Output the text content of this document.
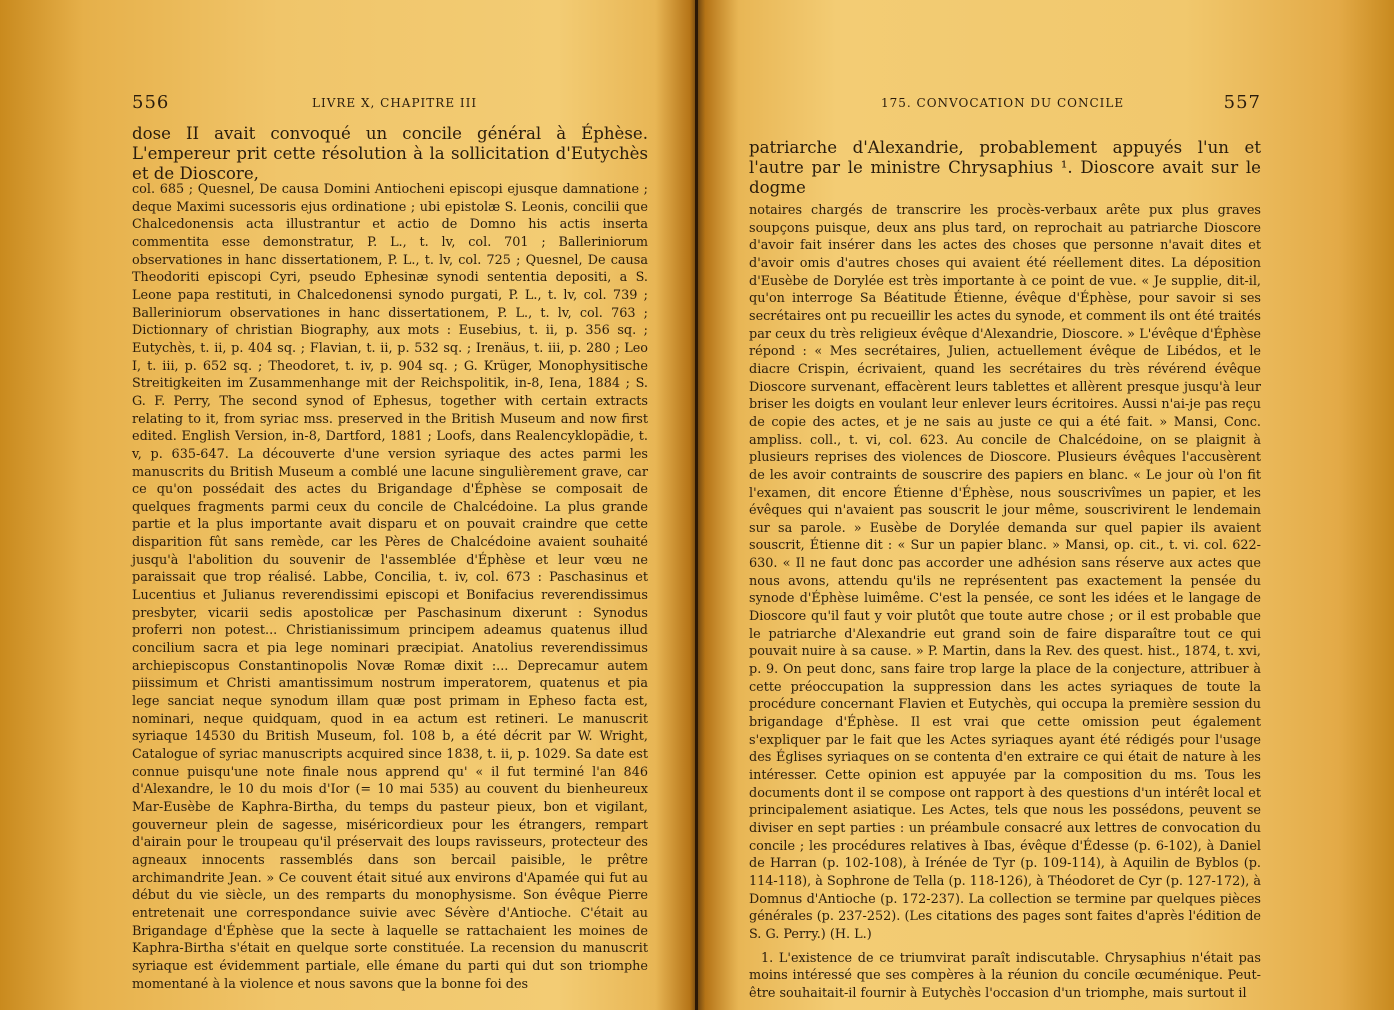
556	LIVRE X, CHAPITRE III
dose II avait convoqué un concile général à Éphèse. L'empereur prit cette résolution à la sollicitation d'Eutychès et de Dioscore,

col. 685 ; Quesnel, De causa Domini Antiocheni episcopi ejusque damnatione ; deque Maximi sucessoris ejus ordinatione ; ubi epistolæ S. Leonis, concilii que Chalcedonensis acta illustrantur et actio de Domno his actis inserta commentita esse demonstratur, P. L., t. lv, col. 701 ; Balleriniorum observationes in hanc dissertationem, P. L., t. lv, col. 725 ; Quesnel, De causa Theodoriti episcopi Cyri, pseudo Ephesinæ synodi sententia depositi, a S. Leone papa restituti, in Chalcedonensi synodo purgati, P. L., t. lv, col. 739 ; Balleriniorum observationes in hanc dissertationem, P. L., t. lv, col. 763 ; Dictionnary of christian Biography, aux mots : Eusebius, t. ii, p. 356 sq. ; Eutychès, t. ii, p. 404 sq. ; Flavian, t. ii, p. 532 sq. ; Irenäus, t. iii, p. 280 ; Leo I, t. iii, p. 652 sq. ; Theodoret, t. iv, p. 904 sq. ; G. Krüger, Monophysitische Streitigkeiten im Zusammenhange mit der Reichspolitik, in-8, Iena, 1884 ; S. G. F. Perry, The second synod of Ephesus, together with certain extracts relating to it, from syriac mss. preserved in the British Museum and now first edited. English Version, in-8, Dartford, 1881 ; Loofs, dans Realencyklopädie, t. v, p. 635-647. La découverte d'une version syriaque des actes parmi les manuscrits du British Museum a comblé une lacune singulièrement grave, car ce qu'on possédait des actes du Brigandage d'Éphèse se composait de quelques fragments parmi ceux du concile de Chalcédoine. La plus grande partie et la plus importante avait disparu et on pouvait craindre que cette disparition fût sans remède, car les Pères de Chalcédoine avaient souhaité jusqu'à l'abolition du souvenir de l'assemblée d'Éphèse et leur vœu ne paraissait que trop réalisé. Labbe, Concilia, t. iv, col. 673 : Paschasinus et Lucentius et Julianus reverendissimi episcopi et Bonifacius reverendissimus presbyter, vicarii sedis apostolicæ per Paschasinum dixerunt : Synodus proferri non potest... Christianissimum principem adeamus quatenus illud concilium sacra et pia lege nominari præcipiat. Anatolius reverendissimus archiepiscopus Constantinopolis Novæ Romæ dixit :... Deprecamur autem piissimum et Christi amantissimum nostrum imperatorem, quatenus et pia lege sanciat neque synodum illam quæ post primam in Epheso facta est, nominari, neque quidquam, quod in ea actum est retineri. Le manuscrit syriaque 14530 du British Museum, fol. 108 b, a été décrit par W. Wright, Catalogue of syriac manuscripts acquired since 1838, t. ii, p. 1029. Sa date est connue puisqu'une note finale nous apprend qu' « il fut terminé l'an 846 d'Alexandre, le 10 du mois d'Ior (= 10 mai 535) au couvent du bienheureux Mar-Eusèbe de Kaphra-Birtha, du temps du pasteur pieux, bon et vigilant, gouverneur plein de sagesse, miséricordieux pour les étrangers, rempart d'airain pour le troupeau qu'il préservait des loups ravisseurs, protecteur des agneaux innocents rassemblés dans son bercail paisible, le prêtre archimandrite Jean. » Ce couvent était situé aux environs d'Apamée qui fut au début du vie siècle, un des remparts du monophysisme. Son évêque Pierre entretenait une correspondance suivie avec Sévère d'Antioche. C'était au Brigandage d'Éphèse que la secte à laquelle se rattachaient les moines de Kaphra-Birtha s'était en quelque sorte constituée. La recension du manuscrit syriaque est évidemment partiale, elle émane du parti qui dut son triomphe momentané à la violence et nous savons que la bonne foi des

175. CONVOCATION DU CONCILE	557
patriarche d'Alexandrie, probablement appuyés l'un et l'autre par le ministre Chrysaphius ¹. Dioscore avait sur le dogme

notaires chargés de transcrire les procès-verbaux arête pux plus graves soupçons puisque, deux ans plus tard, on reprochait au patriarche Dioscore d'avoir fait insérer dans les actes des choses que personne n'avait dites et d'avoir omis d'autres choses qui avaient été réellement dites. La déposition d'Eusèbe de Dorylée est très importante à ce point de vue. « Je supplie, dit-il, qu'on interroge Sa Béatitude Étienne, évêque d'Éphèse, pour savoir si ses secrétaires ont pu recueillir les actes du synode, et comment ils ont été traités par ceux du très religieux évêque d'Alexandrie, Dioscore. » L'évêque d'Éphèse répond : « Mes secrétaires, Julien, actuellement évêque de Libédos, et le diacre Crispin, écrivaient, quand les secrétaires du très révérend évêque Dioscore survenant, effacèrent leurs tablettes et allèrent presque jusqu'à leur briser les doigts en voulant leur enlever leurs écritoires. Aussi n'ai-je pas reçu de copie des actes, et je ne sais au juste ce qui a été fait. » Mansi, Conc. ampliss. coll., t. vi, col. 623. Au concile de Chalcédoine, on se plaignit à plusieurs reprises des violences de Dioscore. Plusieurs évêques l'accusèrent de les avoir contraints de souscrire des papiers en blanc. « Le jour où l'on fit l'examen, dit encore Étienne d'Éphèse, nous souscrivîmes un papier, et les évêques qui n'avaient pas souscrit le jour même, souscrivirent le lendemain sur sa parole. » Eusèbe de Dorylée demanda sur quel papier ils avaient souscrit, Étienne dit : « Sur un papier blanc. » Mansi, op. cit., t. vi. col. 622-630. « Il ne faut donc pas accorder une adhésion sans réserve aux actes que nous avons, attendu qu'ils ne représentent pas exactement la pensée du synode d'Éphèse luimême. C'est la pensée, ce sont les idées et le langage de Dioscore qu'il faut y voir plutôt que toute autre chose ; or il est probable que le patriarche d'Alexandrie eut grand soin de faire disparaître tout ce qui pouvait nuire à sa cause. » P. Martin, dans la Rev. des quest. hist., 1874, t. xvi, p. 9. On peut donc, sans faire trop large la place de la conjecture, attribuer à cette préoccupation la suppression dans les actes syriaques de toute la procédure concernant Flavien et Eutychès, qui occupa la première session du brigandage d'Éphèse. Il est vrai que cette omission peut également s'expliquer par le fait que les Actes syriaques ayant été rédigés pour l'usage des Églises syriaques on se contenta d'en extraire ce qui était de nature à les intéresser. Cette opinion est appuyée par la composition du ms. Tous les documents dont il se compose ont rapport à des questions d'un intérêt local et principalement asiatique. Les Actes, tels que nous les possédons, peuvent se diviser en sept parties : un préambule consacré aux lettres de convocation du concile ; les procédures relatives à Ibas, évêque d'Édesse (p. 6-102), à Daniel de Harran (p. 102-108), à Irénée de Tyr (p. 109-114), à Aquilin de Byblos (p. 114-118), à Sophrone de Tella (p. 118-126), à Théodoret de Cyr (p. 127-172), à Domnus d'Antioche (p. 172-237). La collection se termine par quelques pièces générales (p. 237-252). (Les citations des pages sont faites d'après l'édition de S. G. Perry.) (H. L.)

1. L'existence de ce triumvirat paraît indiscutable. Chrysaphius n'était pas moins intéressé que ses compères à la réunion du concile œcuménique. Peut-être souhaitait-il fournir à Eutychès l'occasion d'un triomphe, mais surtout il
